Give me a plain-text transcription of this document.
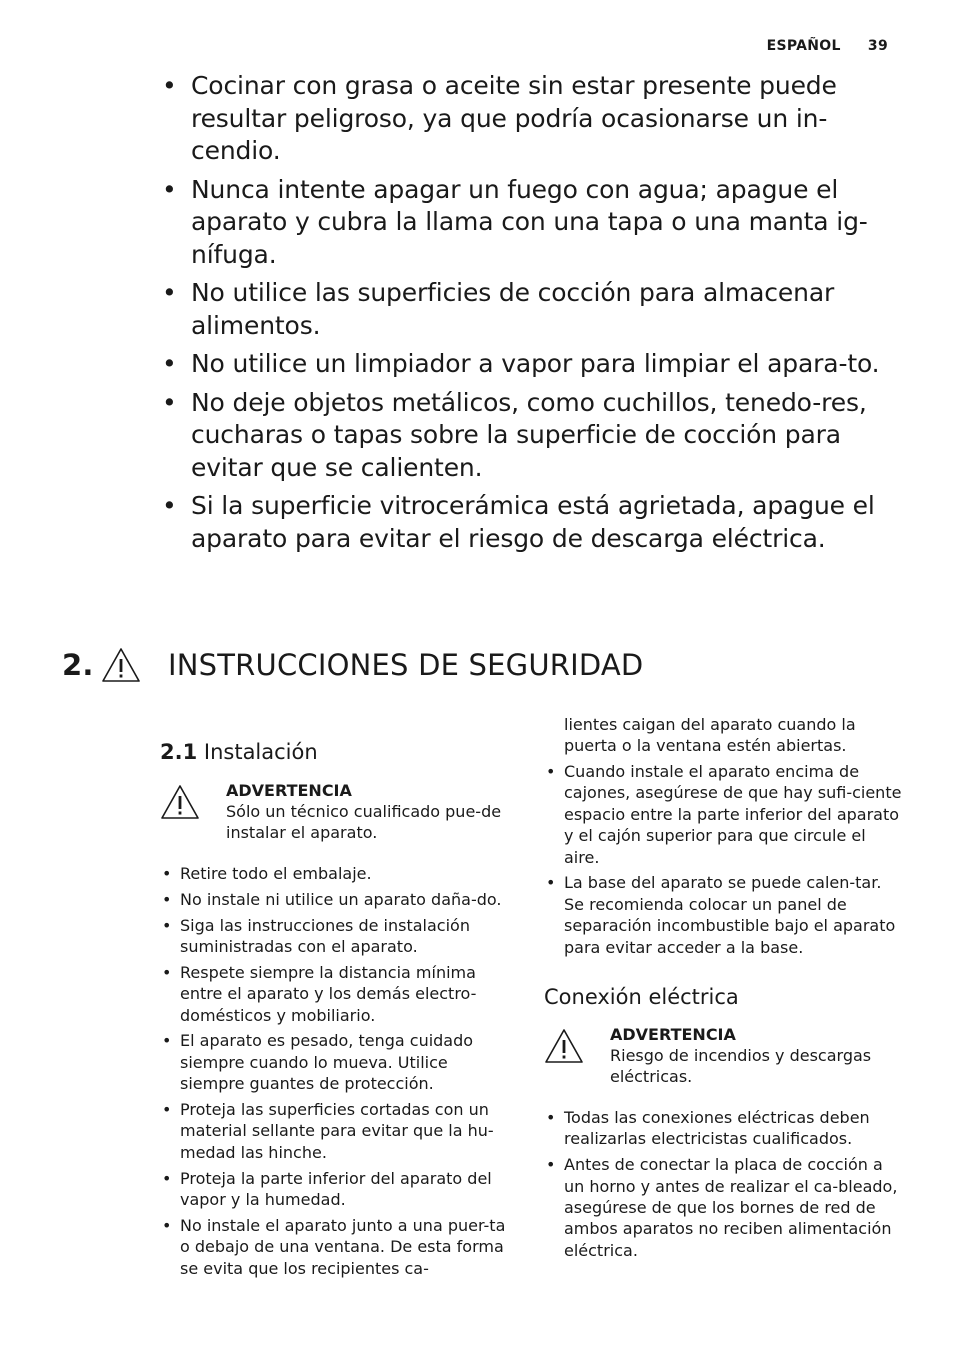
ESPAÑOL 39
• Cocinar con grasa o aceite sin estar presente puede resultar peligroso, ya que podría ocasionarse un in-cendio.
• Nunca intente apagar un fuego con agua; apague el aparato y cubra la llama con una tapa o una manta ig-nífuga.
• No utilice las superficies de cocción para almacenar alimentos.
• No utilice un limpiador a vapor para limpiar el apara-to.
• No deje objetos metálicos, como cuchillos, tenedo-res, cucharas o tapas sobre la superficie de cocción para evitar que se calienten.
• Si la superficie vitrocerámica está agrietada, apague el aparato para evitar el riesgo de descarga eléctrica.
2.	INSTRUCCIONES DE SEGURIDAD
2.1 Instalación
ADVERTENCIA
Sólo un técnico cualificado pue-de instalar el aparato.
• Retire todo el embalaje.
• No instale ni utilice un aparato daña-do.
• Siga las instrucciones de instalación suministradas con el aparato.
• Respete siempre la distancia mínima entre el aparato y los demás electro-domésticos y mobiliario.
• El aparato es pesado, tenga cuidado siempre cuando lo mueva. Utilice siempre guantes de protección.
• Proteja las superficies cortadas con un material sellante para evitar que la hu-medad las hinche.
• Proteja la parte inferior del aparato del vapor y la humedad.
• No instale el aparato junto a una puer-ta o debajo de una ventana. De esta forma se evita que los recipientes ca-
lientes caigan del aparato cuando la puerta o la ventana estén abiertas.
• Cuando instale el aparato encima de cajones, asegúrese de que hay sufi-ciente espacio entre la parte inferior del aparato y el cajón superior para que circule el aire.
• La base del aparato se puede calen-tar. Se recomienda colocar un panel de separación incombustible bajo el aparato para evitar acceder a la base.
Conexión eléctrica
ADVERTENCIA
Riesgo de incendios y descargas eléctricas.
• Todas las conexiones eléctricas deben realizarlas electricistas cualificados.
• Antes de conectar la placa de cocción a un horno y antes de realizar el ca-bleado, asegúrese de que los bornes de red de ambos aparatos no reciben alimentación eléctrica.
